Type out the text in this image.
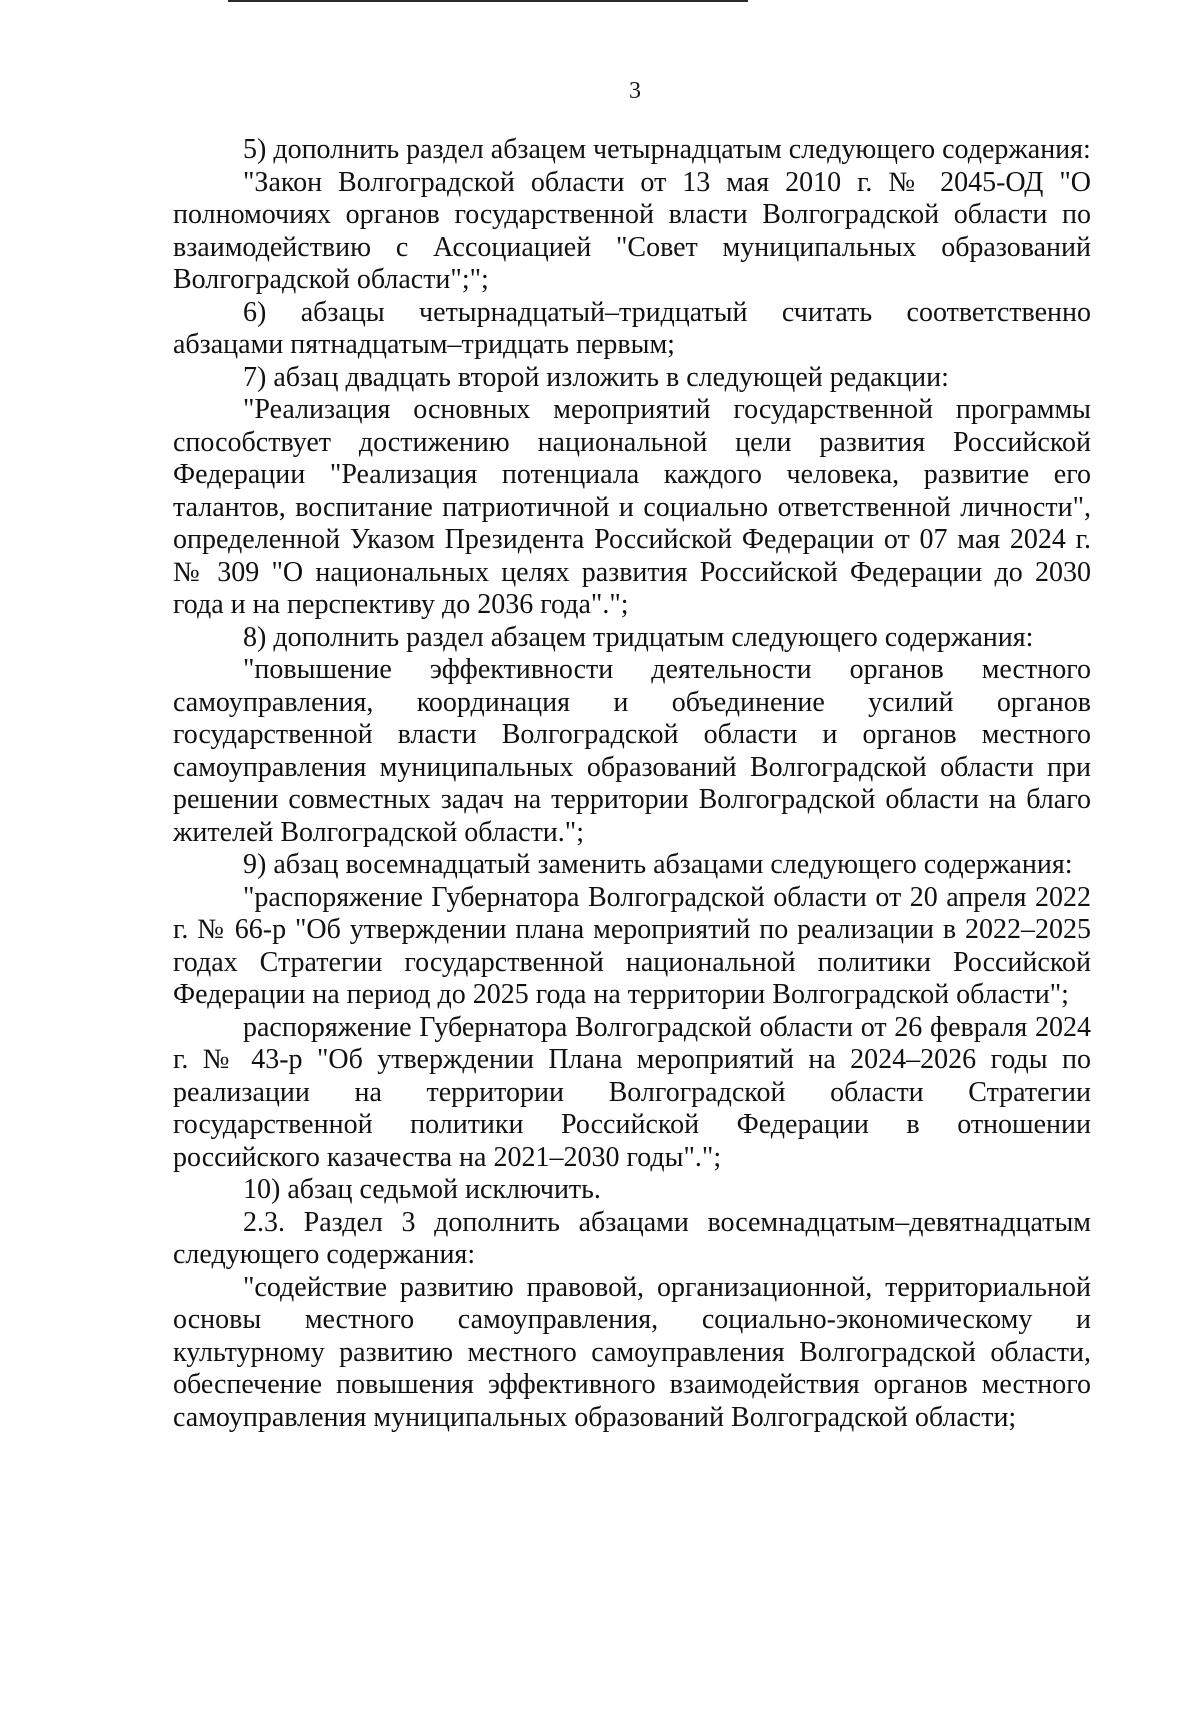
3

5) дополнить раздел абзацем четырнадцатым следующего содержания:

"Закон Волгоградской области от 13 мая 2010 г. № 2045-ОД "О полномочиях органов государственной власти Волгоградской области по взаимодействию с Ассоциацией "Совет муниципальных образований Волгоградской области";";

6) абзацы четырнадцатый–тридцатый считать соответственно абзацами пятнадцатым–тридцать первым;

7) абзац двадцать второй изложить в следующей редакции:

"Реализация основных мероприятий государственной программы способствует достижению национальной цели развития Российской Федерации "Реализация потенциала каждого человека, развитие его талантов, воспитание патриотичной и социально ответственной личности", определенной Указом Президента Российской Федерации от 07 мая 2024 г. № 309 "О национальных целях развития Российской Федерации до 2030 года и на перспективу до 2036 года".";

8) дополнить раздел абзацем тридцатым следующего содержания:

"повышение эффективности деятельности органов местного самоуправления, координация и объединение усилий органов государственной власти Волгоградской области и органов местного самоуправления муниципальных образований Волгоградской области при решении совместных задач на территории Волгоградской области на благо жителей Волгоградской области.";

9) абзац восемнадцатый заменить абзацами следующего содержания:

"распоряжение Губернатора Волгоградской области от 20 апреля 2022 г. № 66-р "Об утверждении плана мероприятий по реализации в 2022–2025 годах Стратегии государственной национальной политики Российской Федерации на период до 2025 года на территории Волгоградской области";

распоряжение Губернатора Волгоградской области от 26 февраля 2024 г. № 43-р "Об утверждении Плана мероприятий на 2024–2026 годы по реализации на территории Волгоградской области Стратегии государственной политики Российской Федерации в отношении российского казачества на 2021–2030 годы".";

10) абзац седьмой исключить.

2.3. Раздел 3 дополнить абзацами восемнадцатым–девятнадцатым следующего содержания:

"содействие развитию правовой, организационной, территориальной основы местного самоуправления, социально-экономическому и культурному развитию местного самоуправления Волгоградской области, обеспечение повышения эффективного взаимодействия органов местного самоуправления муниципальных образований Волгоградской области;
